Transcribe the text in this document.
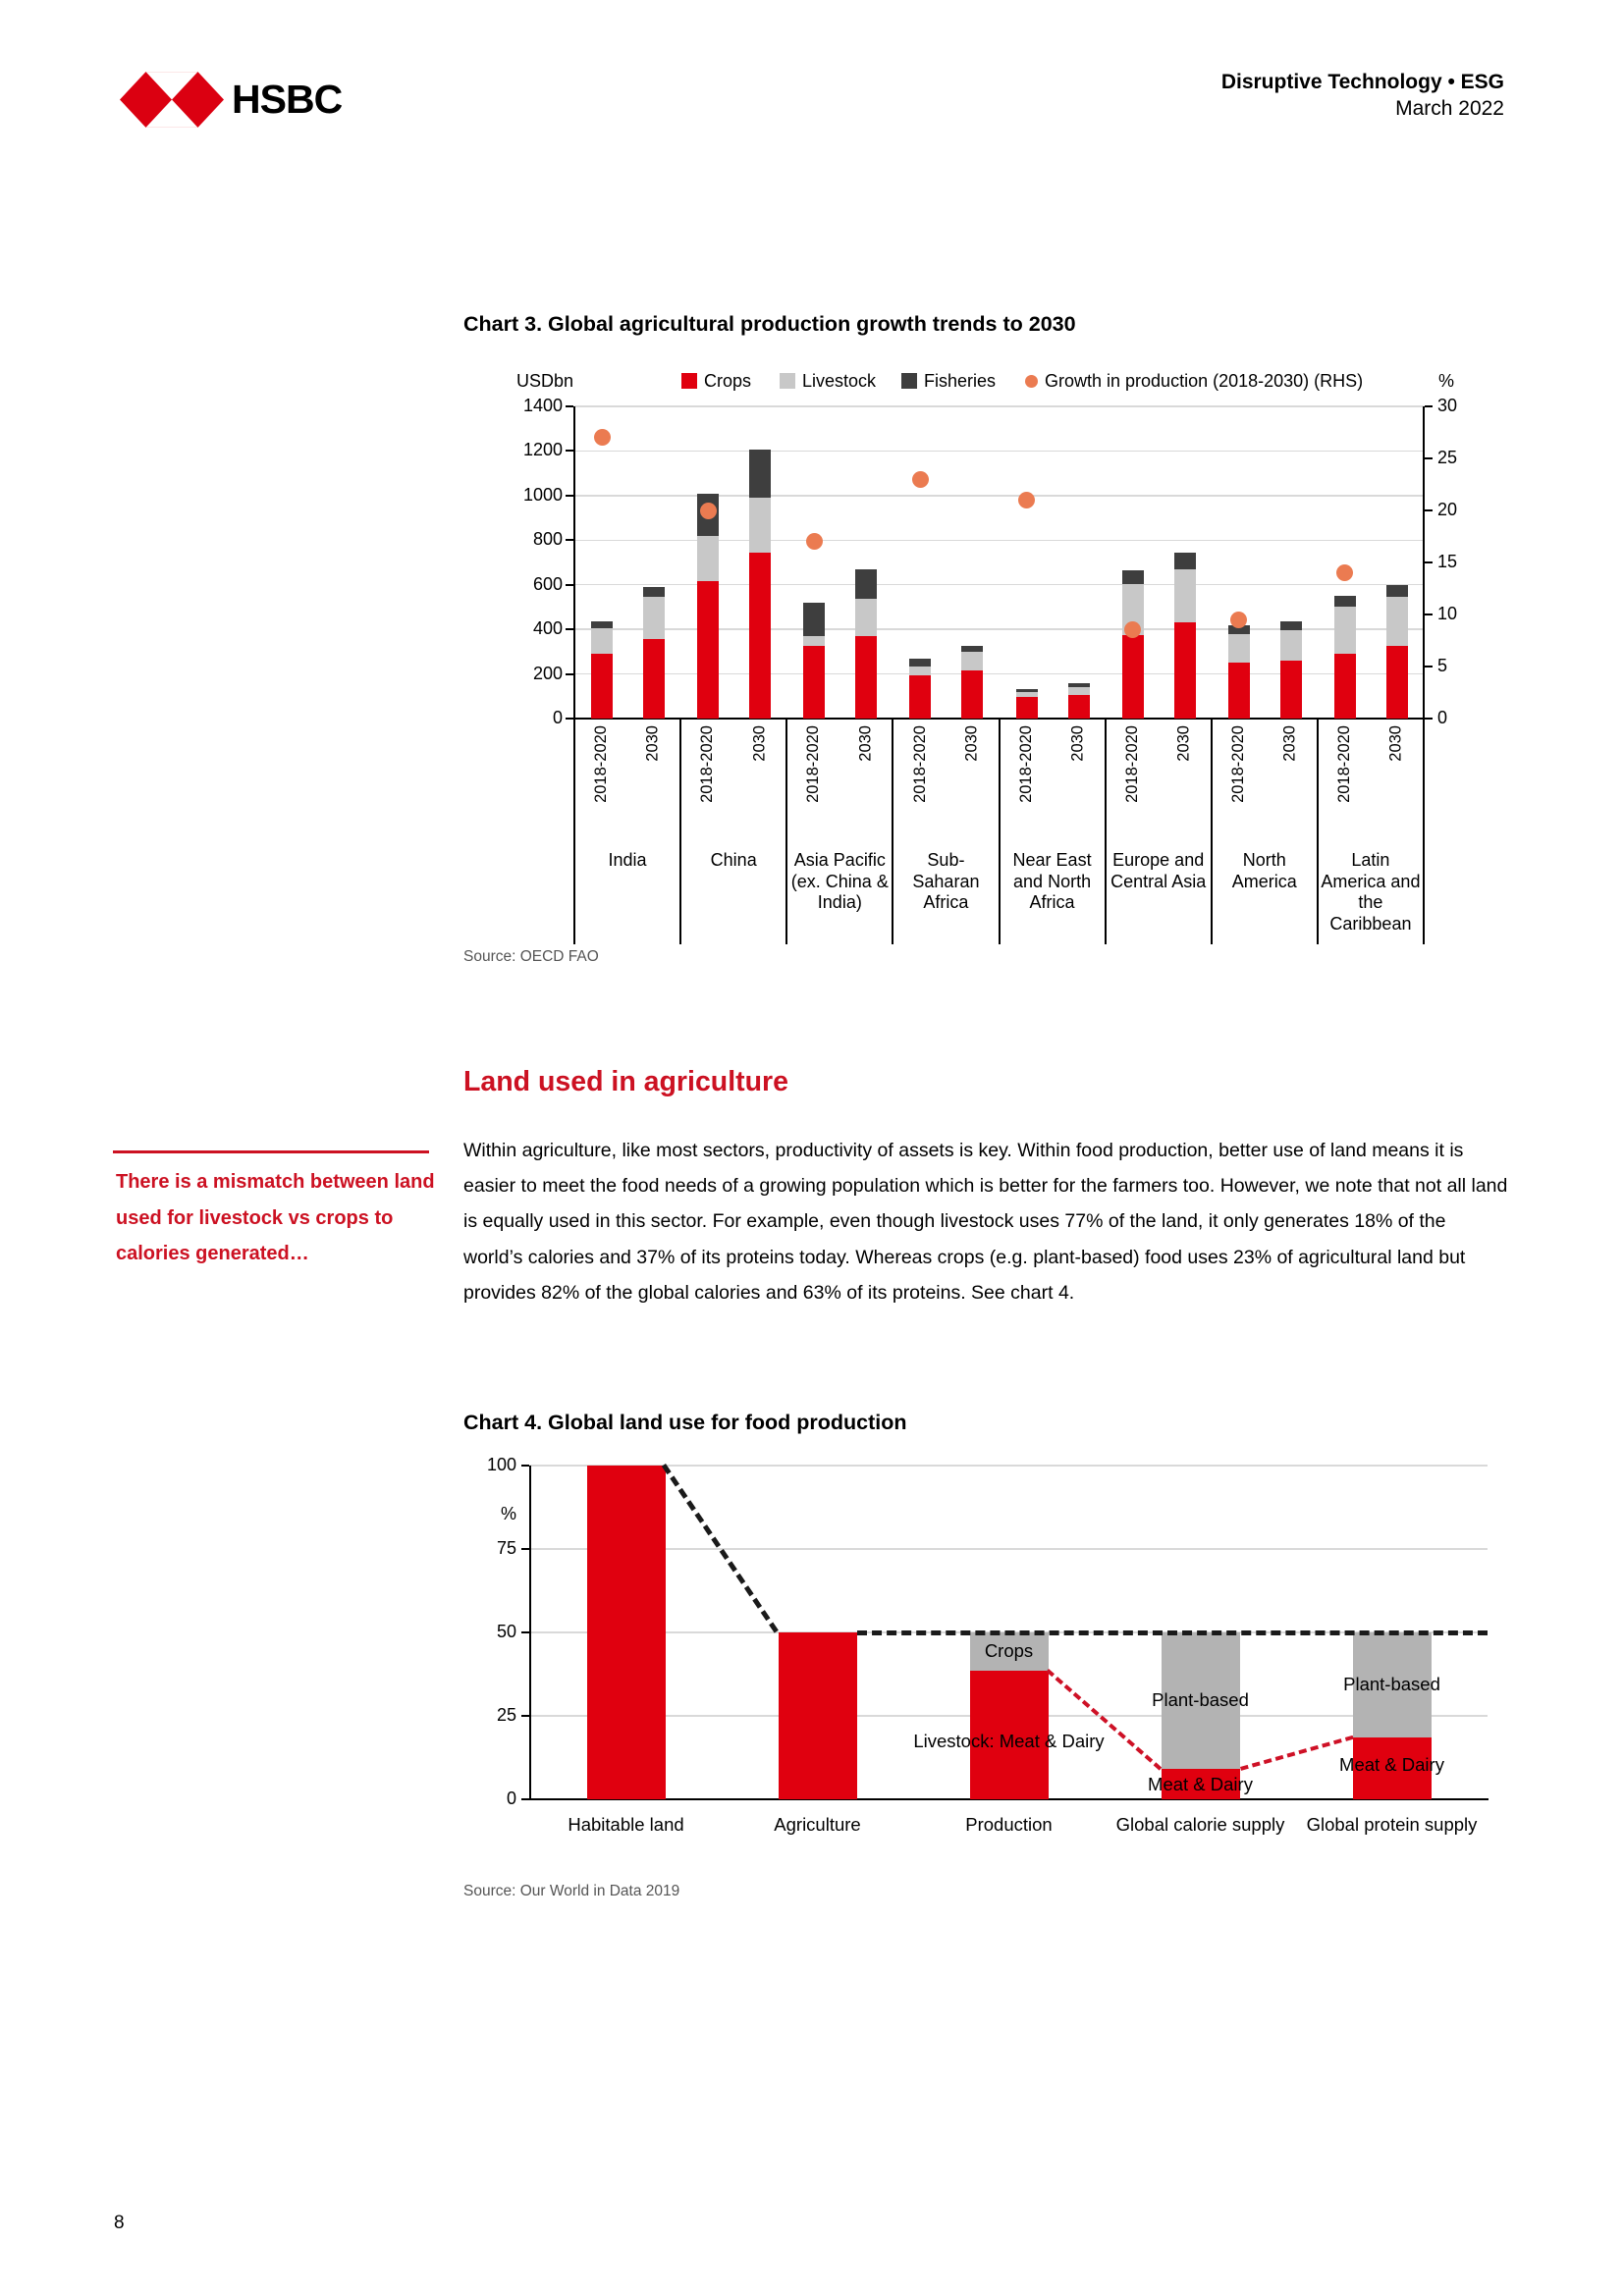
HSBC	Disruptive Technology • ESG
March 2022
Chart 3. Global agricultural production growth trends to 2030
USDbn	Crops	Livestock	Fisheries	Growth in production (2018-2030) (RHS)	%
0
200
400
600
800
1000
1200
1400
0
5
10
15
20
25
30
2018-2020 2030
India
2018-2020 2030
China
2018-2020 2030
Asia Pacific (ex. China & India)
2018-2020 2030
Sub-Saharan Africa
2018-2020 2030
Near East and North Africa
2018-2020 2030
Europe and Central Asia
2018-2020 2030
North America
2018-2020 2030
Latin America and the Caribbean
Source: OECD FAO
Land used in agriculture
There is a mismatch between land used for livestock vs crops to calories generated…

Within agriculture, like most sectors, productivity of assets is key. Within food production, better use of land means it is easier to meet the food needs of a growing population which is better for the farmers too. However, we note that not all land is equally used in this sector. For example, even though livestock uses 77% of the land, it only generates 18% of the world’s calories and 37% of its proteins today. Whereas crops (e.g. plant-based) food uses 23% of agricultural land but provides 82% of the global calories and 63% of its proteins. See chart 4.

Chart 4. Global land use for food production
%
0
25
50
75
100
Habitable land	Agriculture	Production	Global calorie supply	Global protein supply
Crops
Livestock: Meat & Dairy
Plant-based
Meat & Dairy
Plant-based
Meat & Dairy
Source: Our World in Data 2019
8
